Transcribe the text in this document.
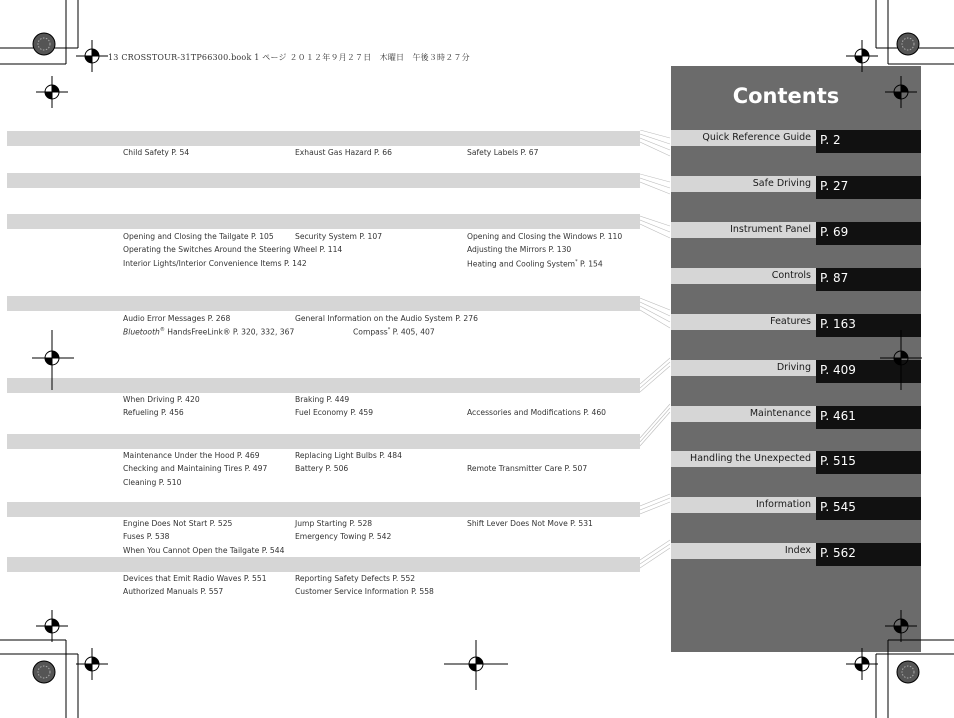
13 CROSSTOUR-31TP66300.book 1 ページ ２０１２年９月２７日　木曜日　午後３時２７分
Child Safety P. 54	Exhaust Gas Hazard P. 66	Safety Labels P. 67
Opening and Closing the Tailgate P. 105	Security System P. 107	Opening and Closing the Windows P. 110
Operating the Switches Around the Steering Wheel P. 114	Adjusting the Mirrors P. 130
Interior Lights/Interior Convenience Items P. 142	Heating and Cooling System* P. 154
Audio Error Messages P. 268	General Information on the Audio System P. 276
Bluetooth® HandsFreeLink® P. 320, 332, 367	Compass* P. 405, 407
When Driving P. 420	Braking P. 449
Refueling P. 456	Fuel Economy P. 459	Accessories and Modifications P. 460
Maintenance Under the Hood P. 469	Replacing Light Bulbs P. 484
Checking and Maintaining Tires P. 497	Battery P. 506	Remote Transmitter Care P. 507
Cleaning P. 510
Engine Does Not Start P. 525	Jump Starting P. 528	Shift Lever Does Not Move P. 531
Fuses P. 538	Emergency Towing P. 542
When You Cannot Open the Tailgate P. 544
Devices that Emit Radio Waves P. 551	Reporting Safety Defects P. 552
Authorized Manuals P. 557	Customer Service Information P. 558
Contents
Quick Reference Guide P. 2
Safe Driving P. 27
Instrument Panel P. 69
Controls P. 87
Features P. 163
Driving P. 409
Maintenance P. 461
Handling the Unexpected P. 515
Information P. 545
Index P. 562
